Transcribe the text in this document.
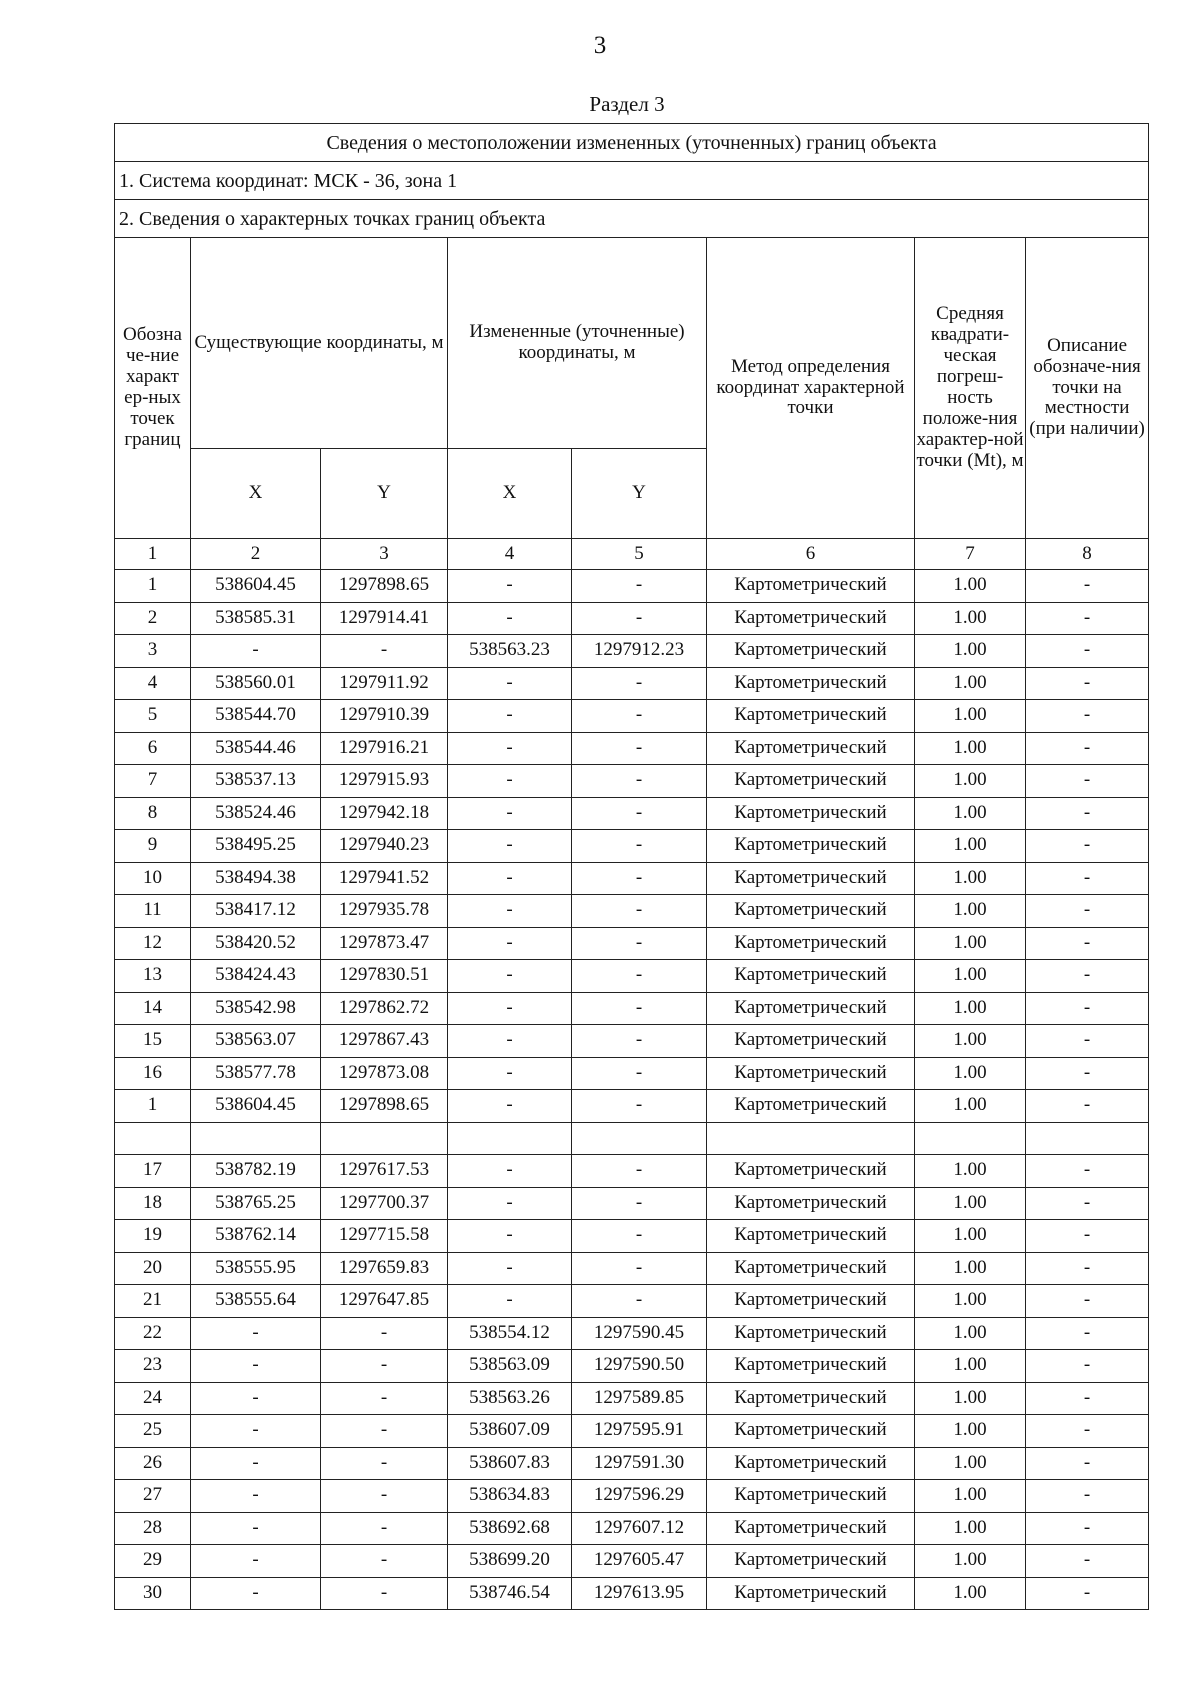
3
Раздел 3
Сведения о местоположении измененных (уточненных) границ объекта							
1. Система координат: МСК - 36, зона 1							
2. Сведения о характерных точках границ объекта							
Обозна че-ние характ ер-ных точек границ	Существующие координаты, м		Измененные (уточненные) координаты, м		Метод определения координат характерной точки	Средняя квадрати-ческая погреш-ность положе-ния характер-ной точки (Mt), м	Описание обозначе-ния точки на местности (при наличии)
	X	Y	X	Y			
1	2	3	4	5	6	7	8
1	538604.45	1297898.65	-	-	Картометрический	1.00	-
2	538585.31	1297914.41	-	-	Картометрический	1.00	-
3	-	-	538563.23	1297912.23	Картометрический	1.00	-
4	538560.01	1297911.92	-	-	Картометрический	1.00	-
5	538544.70	1297910.39	-	-	Картометрический	1.00	-
6	538544.46	1297916.21	-	-	Картометрический	1.00	-
7	538537.13	1297915.93	-	-	Картометрический	1.00	-
8	538524.46	1297942.18	-	-	Картометрический	1.00	-
9	538495.25	1297940.23	-	-	Картометрический	1.00	-
10	538494.38	1297941.52	-	-	Картометрический	1.00	-
11	538417.12	1297935.78	-	-	Картометрический	1.00	-
12	538420.52	1297873.47	-	-	Картометрический	1.00	-
13	538424.43	1297830.51	-	-	Картометрический	1.00	-
14	538542.98	1297862.72	-	-	Картометрический	1.00	-
15	538563.07	1297867.43	-	-	Картометрический	1.00	-
16	538577.78	1297873.08	-	-	Картометрический	1.00	-
1	538604.45	1297898.65	-	-	Картометрический	1.00	-

17	538782.19	1297617.53	-	-	Картометрический	1.00	-
18	538765.25	1297700.37	-	-	Картометрический	1.00	-
19	538762.14	1297715.58	-	-	Картометрический	1.00	-
20	538555.95	1297659.83	-	-	Картометрический	1.00	-
21	538555.64	1297647.85	-	-	Картометрический	1.00	-
22	-	-	538554.12	1297590.45	Картометрический	1.00	-
23	-	-	538563.09	1297590.50	Картометрический	1.00	-
24	-	-	538563.26	1297589.85	Картометрический	1.00	-
25	-	-	538607.09	1297595.91	Картометрический	1.00	-
26	-	-	538607.83	1297591.30	Картометрический	1.00	-
27	-	-	538634.83	1297596.29	Картометрический	1.00	-
28	-	-	538692.68	1297607.12	Картометрический	1.00	-
29	-	-	538699.20	1297605.47	Картометрический	1.00	-
30	-	-	538746.54	1297613.95	Картометрический	1.00	-
